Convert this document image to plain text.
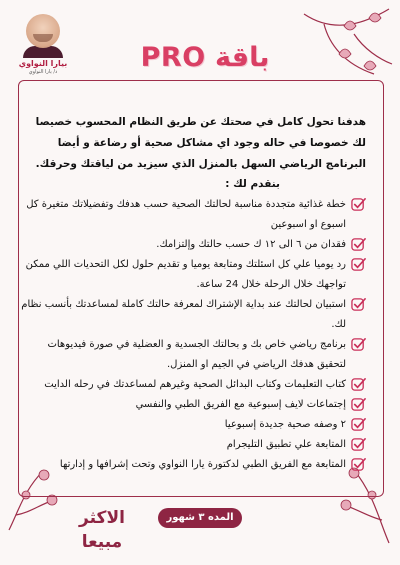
بيارا النواوي
د/ يارا النواوي	باقة PRO
هدفنا تحول كامل في صحتك عن طريق النظام المحسوب خصيصا لك خصوصا في حاله وجود اي مشاكل صحية أو رضاعة و أيضا البرنامج الرياضي السهل بالمنزل الذي سيزيد من لياقتك وحرقك.
بنقدم لك :
خطة غذائية متجددة مناسبة لحالتك الصحية حسب هدفك وتفضيلاتك متغيرة كل اسبوع او اسبوعين
فقدان من ٦ الى ١٢ ك حسب حالتك وإلتزامك.
رد يوميا علي كل اسئلتك ومتابعة يوميا و تقديم حلول لكل التحديات اللي ممكن تواجهك خلال الرحلة خلال 24 ساعة.
استبيان لحالتك عند بداية الإشتراك لمعرفة حالتك كاملة لمساعدتك بأنسب نظام لك.
برنامج رياضي خاص بك و بحالتك الجسدية و العضلية في صورة فيديوهات لتحقيق هدفك الرياضي في الجيم او المنزل.
كتاب التعليمات وكتاب البدائل الصحية وغيرهم لمساعدتك في رحله الدايت
إجتماعات لايف إسبوعية مع الفريق الطبي والنفسي
٢ وصفه صحية جديدة إسبوعيا
المتابعة علي تطبيق التليجرام
المتابعة مع الفريق الطبي لدكتورة يارا النواوي وتحت إشرافها و إدارتها
المده ٣ شهور
الاكثر مبيعا
